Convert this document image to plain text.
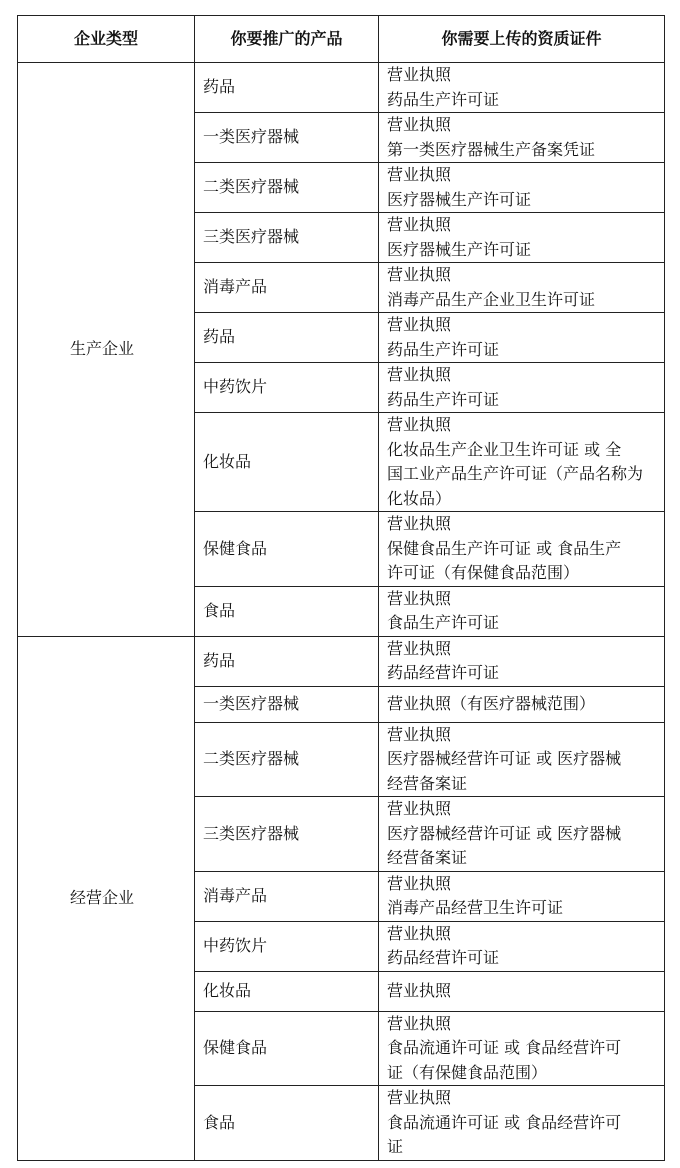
企业类型	你要推广的产品	你需要上传的资质证件
生产企业	药品	营业执照
药品生产许可证

	一类医疗器械	营业执照
第一类医疗器械生产备案凭证

	二类医疗器械	营业执照
医疗器械生产许可证

	三类医疗器械	营业执照
医疗器械生产许可证

	消毒产品	营业执照
消毒产品生产企业卫生许可证

	药品	营业执照
药品生产许可证

	中药饮片	营业执照
药品生产许可证

	化妆品	营业执照
化妆品生产企业卫生许可证 或 全
国工业产品生产许可证（产品名称为
化妆品）

	保健食品	营业执照
保健食品生产许可证 或 食品生产
许可证（有保健食品范围）

	食品	营业执照
食品生产许可证

经营企业	药品	营业执照
药品经营许可证

	一类医疗器械	营业执照（有医疗器械范围）

	二类医疗器械	营业执照
医疗器械经营许可证 或 医疗器械
经营备案证

	三类医疗器械	营业执照
医疗器械经营许可证 或 医疗器械
经营备案证

	消毒产品	营业执照
消毒产品经营卫生许可证

	中药饮片	营业执照
药品经营许可证

	化妆品	营业执照

	保健食品	营业执照
食品流通许可证 或 食品经营许可
证（有保健食品范围）

	食品	营业执照
食品流通许可证 或 食品经营许可
证
